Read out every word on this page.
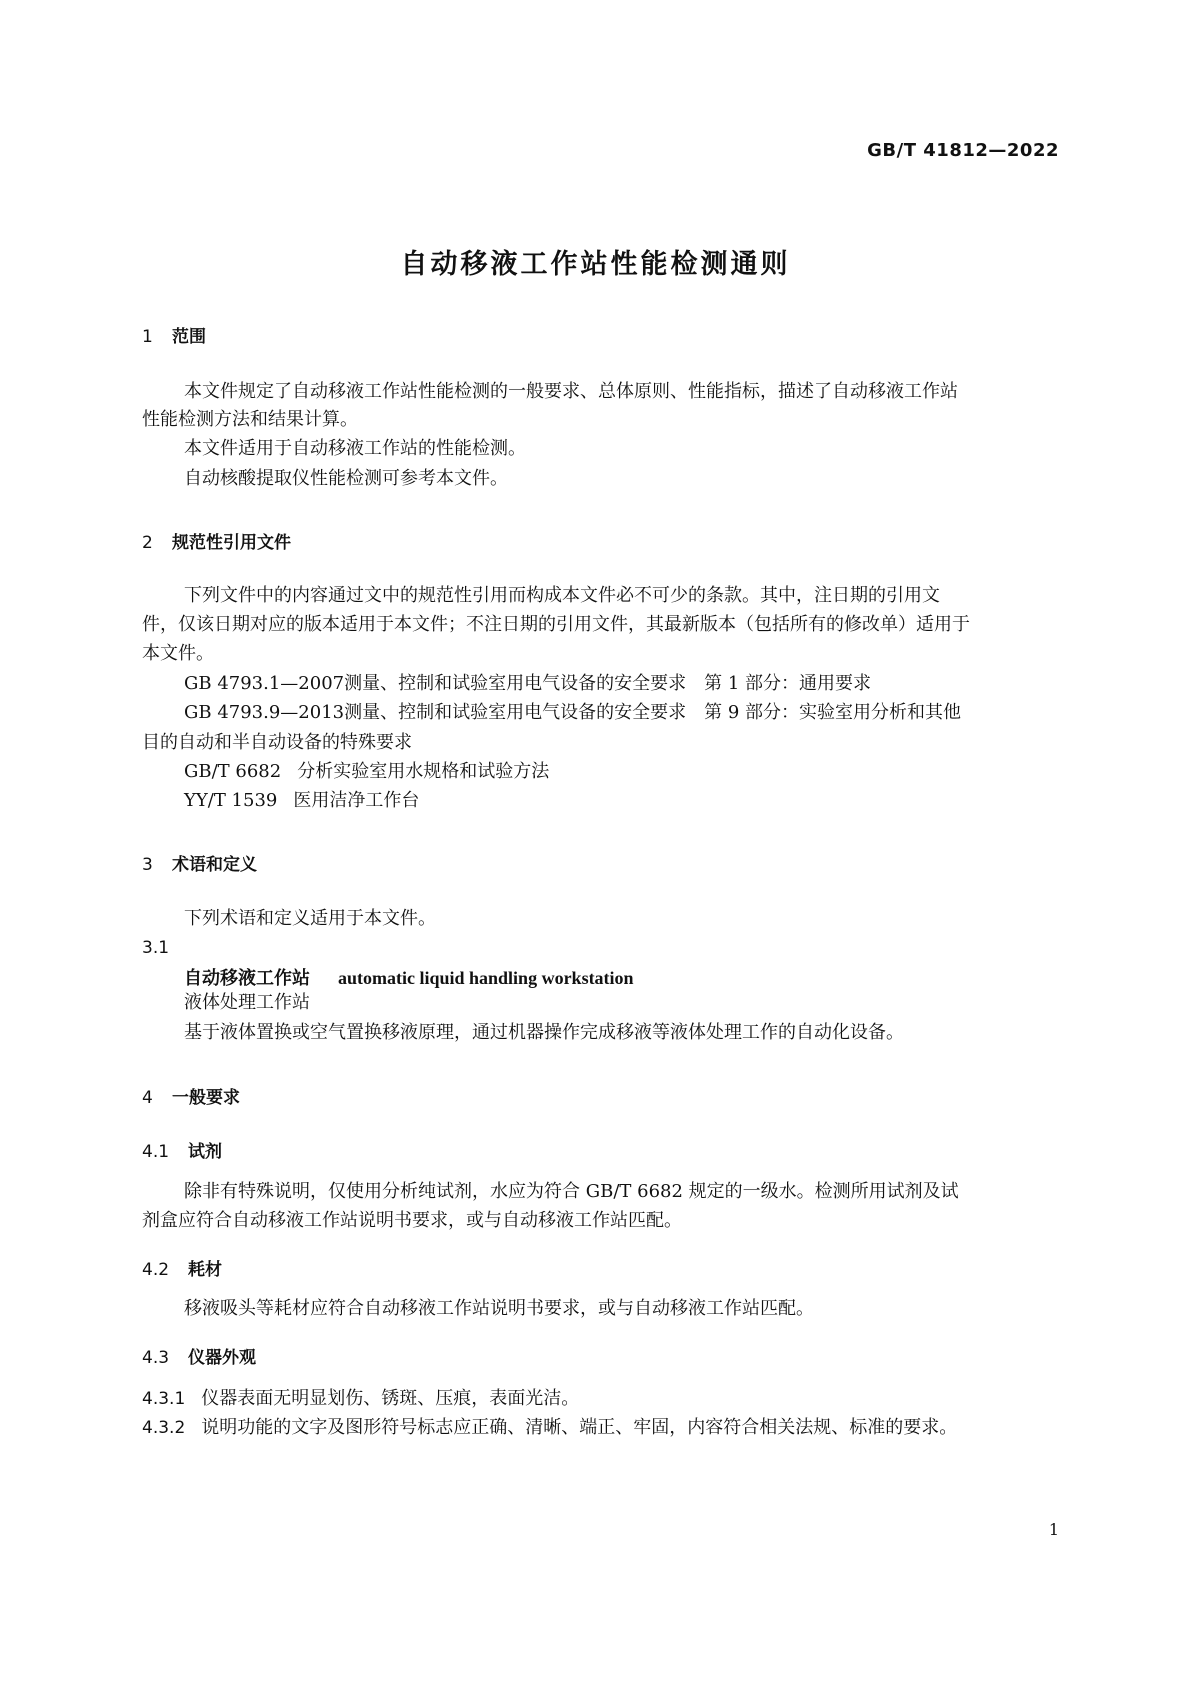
GB/T 41812—2022
自动移液工作站性能检测通则
1 范围
本文件规定了自动移液工作站性能检测的一般要求、总体原则、性能指标，描述了自动移液工作站
性能检测方法和结果计算。
本文件适用于自动移液工作站的性能检测。
自动核酸提取仪性能检测可参考本文件。
2 规范性引用文件
下列文件中的内容通过文中的规范性引用而构成本文件必不可少的条款。其中，注日期的引用文
件，仅该日期对应的版本适用于本文件；不注日期的引用文件，其最新版本（包括所有的修改单）适用于
本文件。
GB 4793.1—2007测量、控制和试验室用电气设备的安全要求　第 1 部分：通用要求
GB 4793.9—2013测量、控制和试验室用电气设备的安全要求　第 9 部分：实验室用分析和其他
目的自动和半自动设备的特殊要求
GB/T 6682 分析实验室用水规格和试验方法
YY/T 1539 医用洁净工作台
3 术语和定义
下列术语和定义适用于本文件。
3.1
自动移液工作站 automatic liquid handling workstation
液体处理工作站
基于液体置换或空气置换移液原理，通过机器操作完成移液等液体处理工作的自动化设备。
4 一般要求
4.1 试剂
除非有特殊说明，仅使用分析纯试剂，水应为符合 GB/T 6682 规定的一级水。检测所用试剂及试
剂盒应符合自动移液工作站说明书要求，或与自动移液工作站匹配。
4.2 耗材
移液吸头等耗材应符合自动移液工作站说明书要求，或与自动移液工作站匹配。
4.3 仪器外观
4.3.1 仪器表面无明显划伤、锈斑、压痕，表面光洁。
4.3.2 说明功能的文字及图形符号标志应正确、清晰、端正、牢固，内容符合相关法规、标准的要求。
1
